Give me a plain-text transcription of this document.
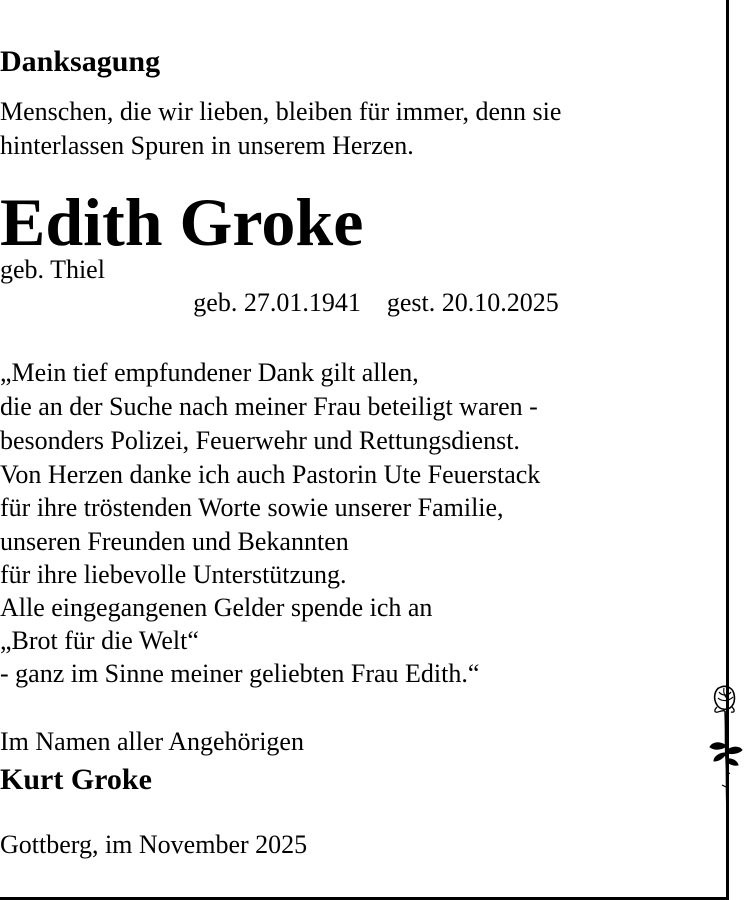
Danksagung
Menschen, die wir lieben, bleiben für immer, denn sie
hinterlassen Spuren in unserem Herzen.
Edith Groke
geb. Thiel
geb. 27.01.1941 gest. 20.10.2025
„Mein tief empfundener Dank gilt allen,
die an der Suche nach meiner Frau beteiligt waren -
besonders Polizei, Feuerwehr und Rettungsdienst.
Von Herzen danke ich auch Pastorin Ute Feuerstack
für ihre tröstenden Worte sowie unserer Familie,
unseren Freunden und Bekannten
für ihre liebevolle Unterstützung.
Alle eingegangenen Gelder spende ich an
„Brot für die Welt“
- ganz im Sinne meiner geliebten Frau Edith.“
Im Namen aller Angehörigen
Kurt Groke
Gottberg, im November 2025
